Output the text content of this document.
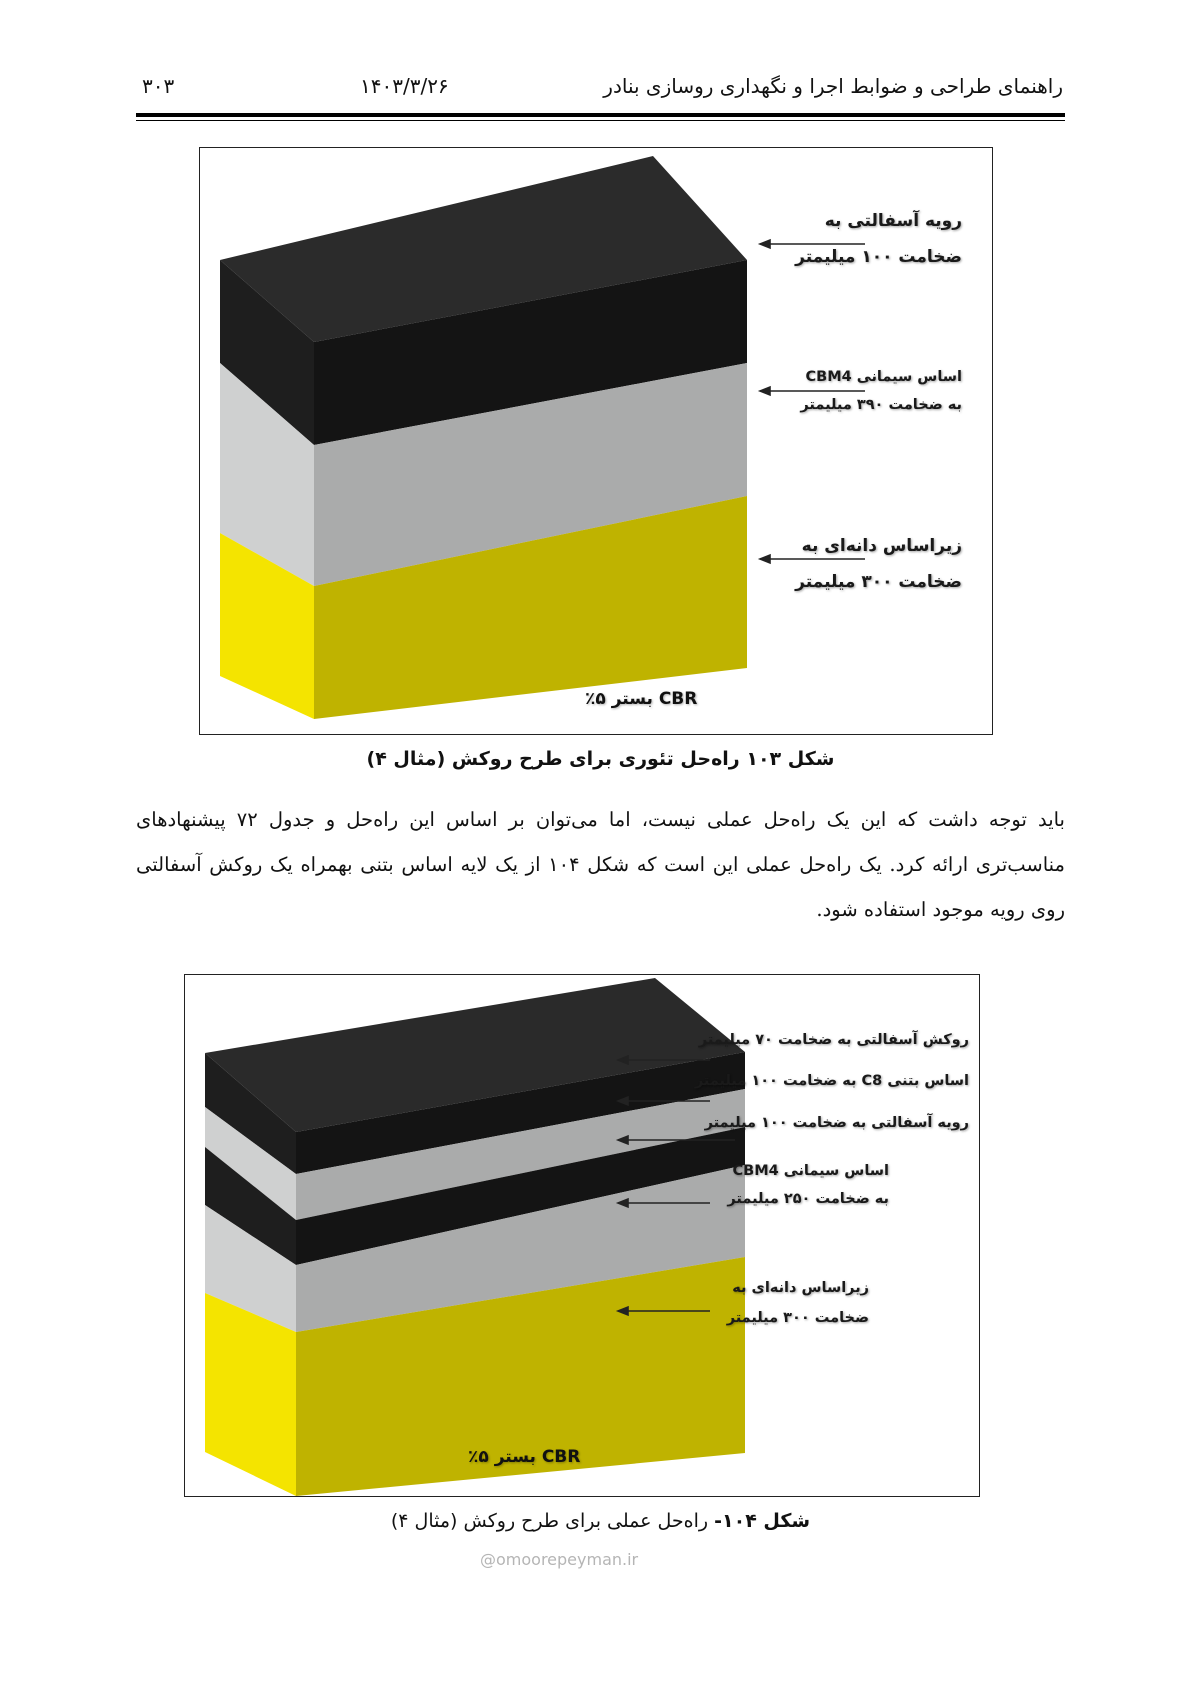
۳۰۳	۱۴۰۳/۳/۲۶	راهنمای طراحی و ضوابط اجرا و نگهداری روسازی بنادر
رویه آسفالتی به
ضخامت ۱۰۰ میلیمتر
اساس سیمانی CBM4
به ضخامت ۳۹۰ میلیمتر
زیراساس دانه‌ای به
ضخامت ۳۰۰ میلیمتر
CBR بستر ۵٪
شکل ۱۰۳ راه‌حل تئوری برای طرح روکش (مثال ۴)
باید توجه داشت که این یک راه‌حل عملی نیست، اما می‌توان بر اساس این راه‌حل و جدول ۷۲ پیشنهادهای
مناسب‌تری ارائه کرد. یک راه‌حل عملی این است که شکل ۱۰۴ از یک لایه اساس بتنی بهمراه یک روکش آسفالتی
روی رویه موجود استفاده شود.
روکش آسفالتی به ضخامت ۷۰ میلیمتر
اساس بتنی C8 به ضخامت ۱۰۰ میلیمتر
رویه آسفالتی به ضخامت ۱۰۰ میلیمتر
اساس سیمانی CBM4
به ضخامت ۲۵۰ میلیمتر
زیراساس دانه‌ای به
ضخامت ۳۰۰ میلیمتر
CBR بستر ۵٪
شکل ۱۰۴- راه‌حل عملی برای طرح روکش (مثال ۴)
@omoorepeyman.ir
